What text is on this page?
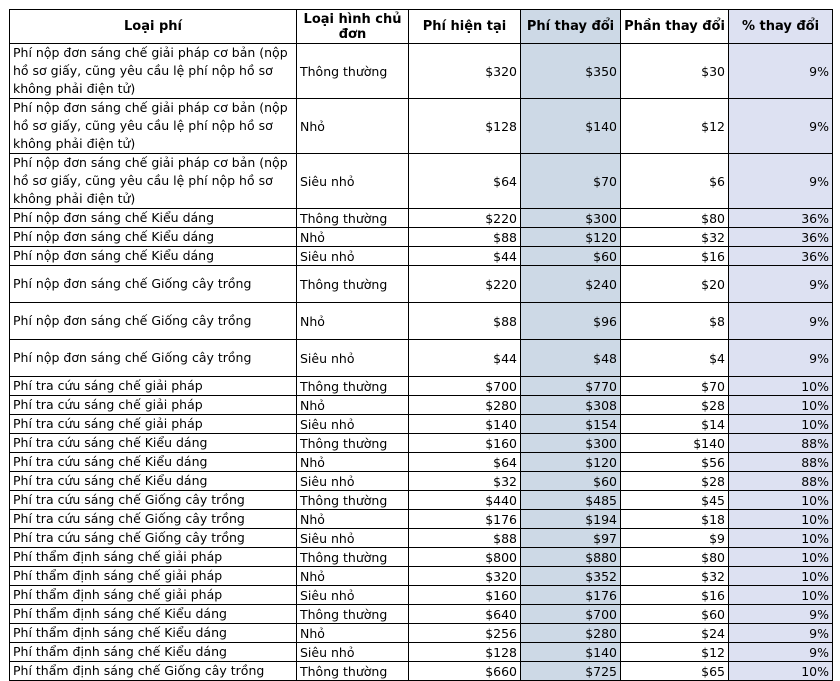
Loại phí	Loại hình chủ đơn	Phí hiện tại	Phí thay đổi	Phần thay đổi	% thay đổi
Phí nộp đơn sáng chế giải pháp cơ bản (nộp hồ sơ giấy, cũng yêu cầu lệ phí nộp hồ sơ không phải điện tử)	Thông thường	$320	$350	$30	9%
Phí nộp đơn sáng chế giải pháp cơ bản (nộp hồ sơ giấy, cũng yêu cầu lệ phí nộp hồ sơ không phải điện tử)	Nhỏ	$128	$140	$12	9%
Phí nộp đơn sáng chế giải pháp cơ bản (nộp hồ sơ giấy, cũng yêu cầu lệ phí nộp hồ sơ không phải điện tử)	Siêu nhỏ	$64	$70	$6	9%
Phí nộp đơn sáng chế Kiểu dáng	Thông thường	$220	$300	$80	36%
Phí nộp đơn sáng chế Kiểu dáng	Nhỏ	$88	$120	$32	36%
Phí nộp đơn sáng chế Kiểu dáng	Siêu nhỏ	$44	$60	$16	36%
Phí nộp đơn sáng chế Giống cây trồng	Thông thường	$220	$240	$20	9%
Phí nộp đơn sáng chế Giống cây trồng	Nhỏ	$88	$96	$8	9%
Phí nộp đơn sáng chế Giống cây trồng	Siêu nhỏ	$44	$48	$4	9%
Phí tra cứu sáng chế giải pháp	Thông thường	$700	$770	$70	10%
Phí tra cứu sáng chế giải pháp	Nhỏ	$280	$308	$28	10%
Phí tra cứu sáng chế giải pháp	Siêu nhỏ	$140	$154	$14	10%
Phí tra cứu sáng chế Kiểu dáng	Thông thường	$160	$300	$140	88%
Phí tra cứu sáng chế Kiểu dáng	Nhỏ	$64	$120	$56	88%
Phí tra cứu sáng chế Kiểu dáng	Siêu nhỏ	$32	$60	$28	88%
Phí tra cứu sáng chế Giống cây trồng	Thông thường	$440	$485	$45	10%
Phí tra cứu sáng chế Giống cây trồng	Nhỏ	$176	$194	$18	10%
Phí tra cứu sáng chế Giống cây trồng	Siêu nhỏ	$88	$97	$9	10%
Phí thẩm định sáng chế giải pháp	Thông thường	$800	$880	$80	10%
Phí thẩm định sáng chế giải pháp	Nhỏ	$320	$352	$32	10%
Phí thẩm định sáng chế giải pháp	Siêu nhỏ	$160	$176	$16	10%
Phí thẩm định sáng chế Kiểu dáng	Thông thường	$640	$700	$60	9%
Phí thẩm định sáng chế Kiểu dáng	Nhỏ	$256	$280	$24	9%
Phí thẩm định sáng chế Kiểu dáng	Siêu nhỏ	$128	$140	$12	9%
Phí thẩm định sáng chế Giống cây trồng	Thông thường	$660	$725	$65	10%
